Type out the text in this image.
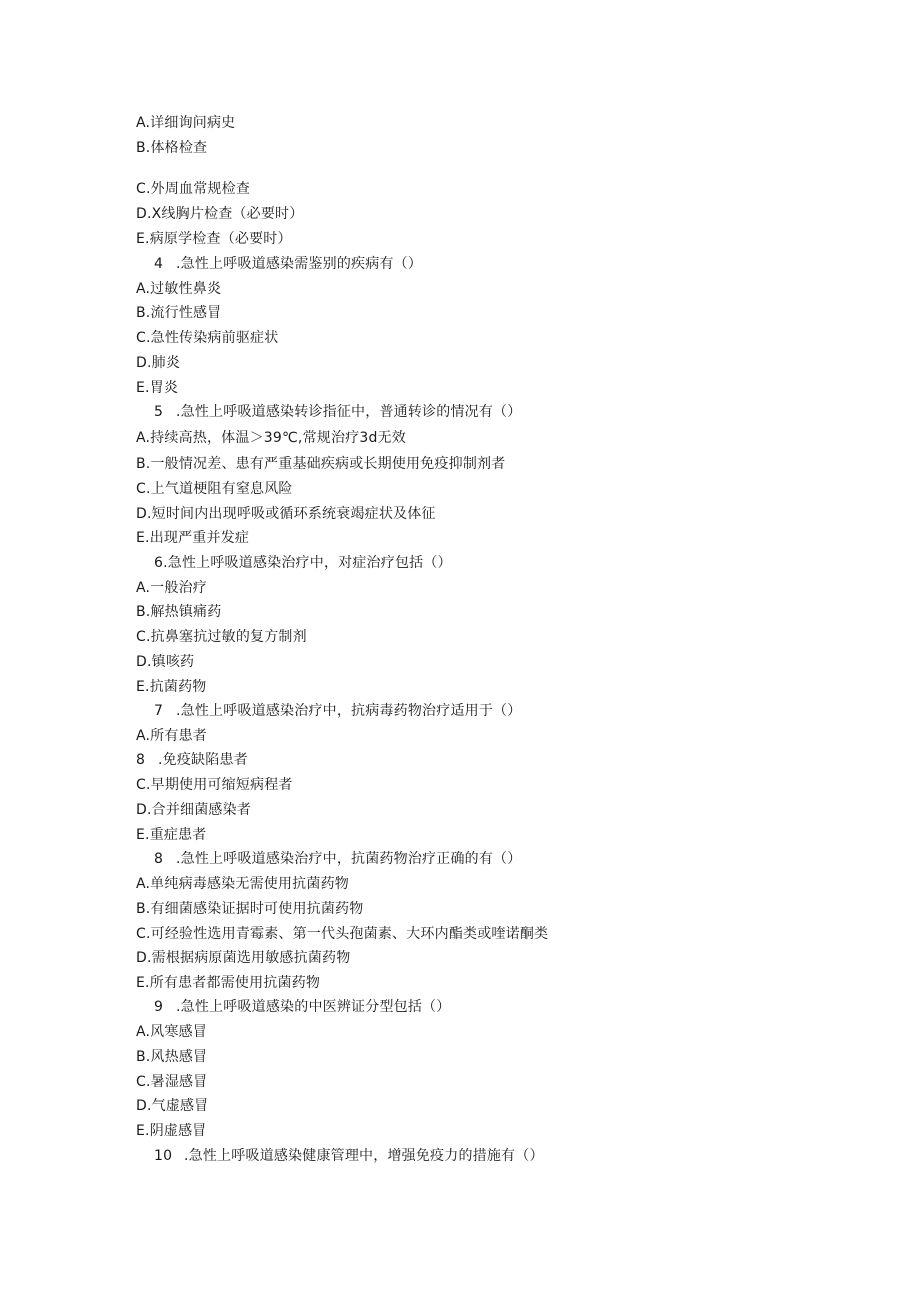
A.详细询问病史
B.体格检查
C.外周血常规检查
D.X线胸片检查（必要时）
E.病原学检查（必要时）
4 .急性上呼吸道感染需鉴别的疾病有（）
A.过敏性鼻炎
B.流行性感冒
C.急性传染病前驱症状
D.肺炎
E.胃炎
5 .急性上呼吸道感染转诊指征中，普通转诊的情况有（）
A.持续高热，体温＞39℃,常规治疗3d无效
B.一般情况差、患有严重基础疾病或长期使用免疫抑制剂者
C.上气道梗阻有窒息风险
D.短时间内出现呼吸或循环系统衰竭症状及体征
E.出现严重并发症
6.急性上呼吸道感染治疗中，对症治疗包括（）
A.一般治疗
B.解热镇痛药
C.抗鼻塞抗过敏的复方制剂
D.镇咳药
E.抗菌药物
7 .急性上呼吸道感染治疗中，抗病毒药物治疗适用于（）
A.所有患者
8 .免疫缺陷患者
C.早期使用可缩短病程者
D.合并细菌感染者
E.重症患者
8 .急性上呼吸道感染治疗中，抗菌药物治疗正确的有（）
A.单纯病毒感染无需使用抗菌药物
B.有细菌感染证据时可使用抗菌药物
C.可经验性选用青霉素、第一代头孢菌素、大环内酯类或喹诺酮类
D.需根据病原菌选用敏感抗菌药物
E.所有患者都需使用抗菌药物
9 .急性上呼吸道感染的中医辨证分型包括（）
A.风寒感冒
B.风热感冒
C.暑湿感冒
D.气虚感冒
E.阴虚感冒
10 .急性上呼吸道感染健康管理中，增强免疫力的措施有（）
